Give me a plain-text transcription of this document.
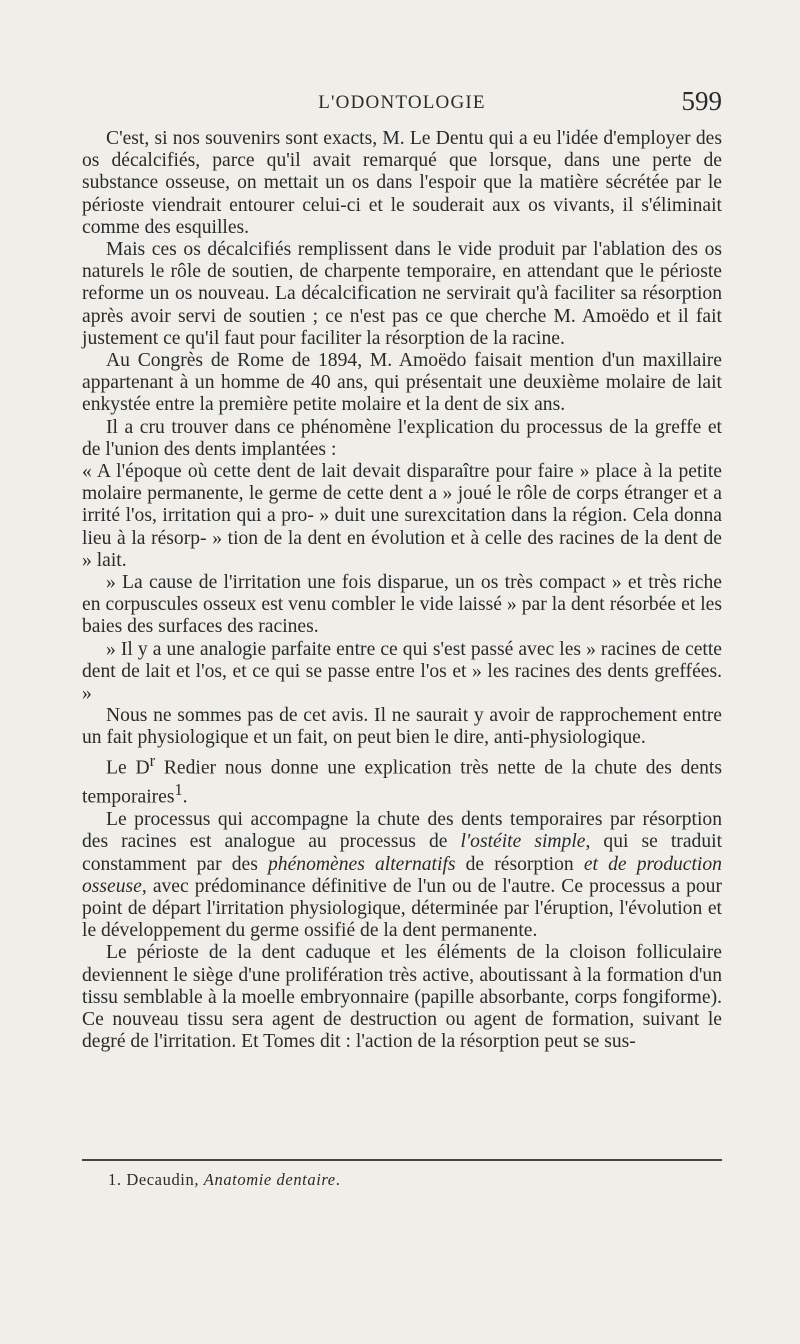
L'ODONTOLOGIE	599

C'est, si nos souvenirs sont exacts, M. Le Dentu qui a eu l'idée d'employer des os décalcifiés, parce qu'il avait remarqué que lorsque, dans une perte de substance osseuse, on mettait un os dans l'espoir que la matière sécrétée par le périoste viendrait entourer celui-ci et le souderait aux os vivants, il s'éliminait comme des esquilles.

Mais ces os décalcifiés remplissent dans le vide produit par l'ablation des os naturels le rôle de soutien, de charpente temporaire, en attendant que le périoste reforme un os nouveau. La décalcification ne servirait qu'à faciliter sa résorption après avoir servi de soutien ; ce n'est pas ce que cherche M. Amoëdo et il fait justement ce qu'il faut pour faciliter la résorption de la racine.

Au Congrès de Rome de 1894, M. Amoëdo faisait mention d'un maxillaire appartenant à un homme de 40 ans, qui présentait une deuxième molaire de lait enkystée entre la première petite molaire et la dent de six ans.

Il a cru trouver dans ce phénomène l'explication du processus de la greffe et de l'union des dents implantées :

« A l'époque où cette dent de lait devait disparaître pour faire » place à la petite molaire permanente, le germe de cette dent a » joué le rôle de corps étranger et a irrité l'os, irritation qui a pro- » duit une surexcitation dans la région. Cela donna lieu à la résorp- » tion de la dent en évolution et à celle des racines de la dent de » lait.

» La cause de l'irritation une fois disparue, un os très compact » et très riche en corpuscules osseux est venu combler le vide laissé » par la dent résorbée et les baies des surfaces des racines.

» Il y a une analogie parfaite entre ce qui s'est passé avec les » racines de cette dent de lait et l'os, et ce qui se passe entre l'os et » les racines des dents greffées. »

Nous ne sommes pas de cet avis. Il ne saurait y avoir de rapprochement entre un fait physiologique et un fait, on peut bien le dire, anti-physiologique.

Le $D^r$ Redier nous donne une explication très nette de la chute des dents temporaires$^1$.

Le processus qui accompagne la chute des dents temporaires par résorption des racines est analogue au processus de l'ostéite simple, qui se traduit constamment par des phénomènes alternatifs de résorption et de production osseuse, avec prédominance définitive de l'un ou de l'autre. Ce processus a pour point de départ l'irritation physiologique, déterminée par l'éruption, l'évolution et le développement du germe ossifié de la dent permanente.

Le périoste de la dent caduque et les éléments de la cloison folliculaire deviennent le siège d'une prolifération très active, aboutissant à la formation d'un tissu semblable à la moelle embryonnaire (papille absorbante, corps fongiforme). Ce nouveau tissu sera agent de destruction ou agent de formation, suivant le degré de l'irritation. Et Tomes dit : l'action de la résorption peut se sus-

1. Decaudin, Anatomie dentaire.
